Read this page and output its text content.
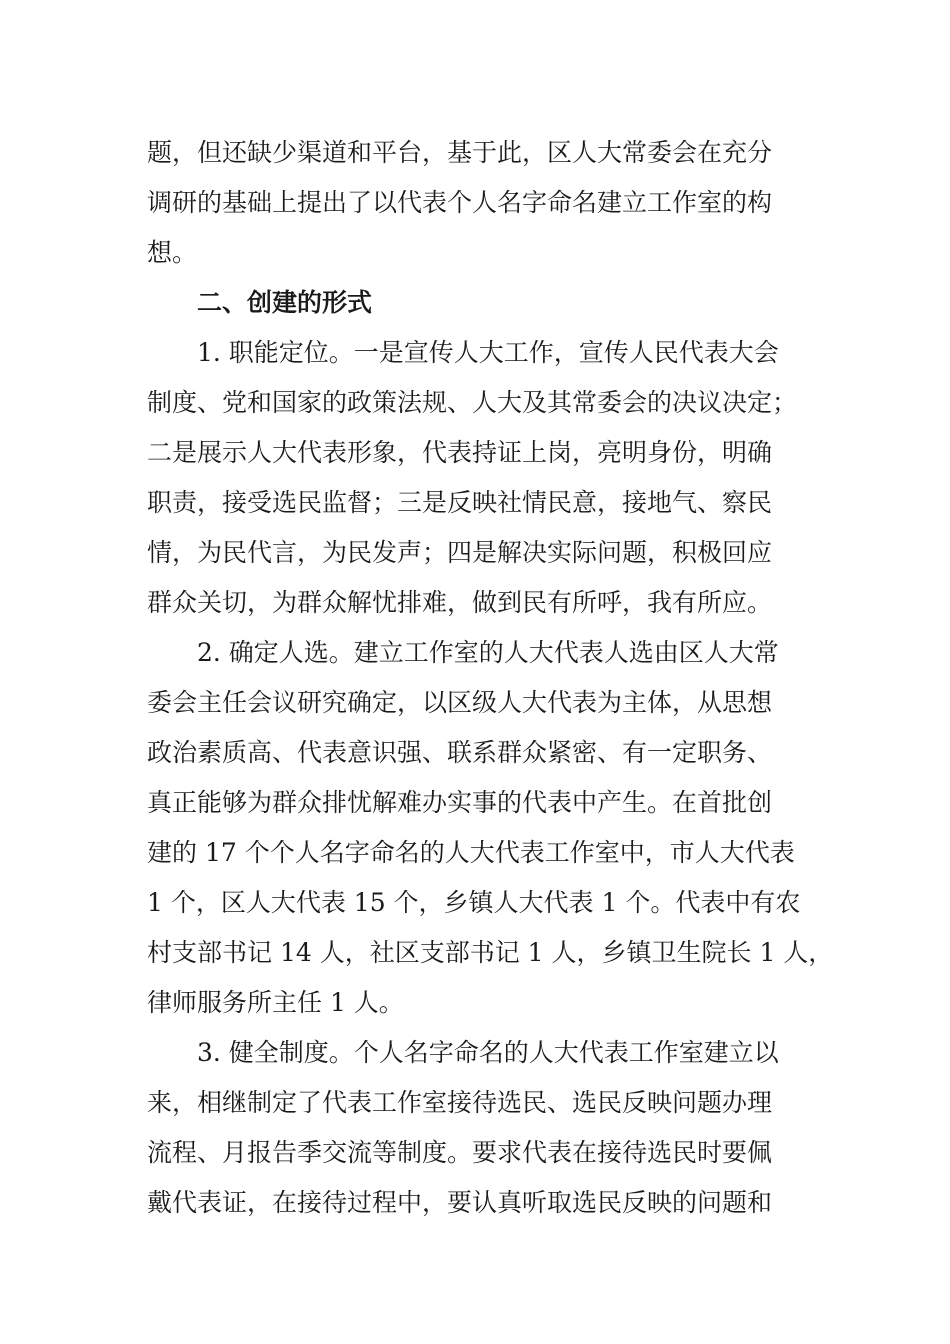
题，但还缺少渠道和平台，基于此，区人大常委会在充分
调研的基础上提出了以代表个人名字命名建立工作室的构
想。
二、创建的形式
1. 职能定位。一是宣传人大工作，宣传人民代表大会
制度、党和国家的政策法规、人大及其常委会的决议决定；
二是展示人大代表形象，代表持证上岗，亮明身份，明确
职责，接受选民监督；三是反映社情民意，接地气、察民
情，为民代言，为民发声；四是解决实际问题，积极回应
群众关切，为群众解忧排难，做到民有所呼，我有所应。
2. 确定人选。建立工作室的人大代表人选由区人大常
委会主任会议研究确定，以区级人大代表为主体，从思想
政治素质高、代表意识强、联系群众紧密、有一定职务、
真正能够为群众排忧解难办实事的代表中产生。在首批创
建的 17 个个人名字命名的人大代表工作室中，市人大代表
1 个，区人大代表 15 个，乡镇人大代表 1 个。代表中有农
村支部书记 14 人，社区支部书记 1 人，乡镇卫生院长 1 人，
律师服务所主任 1 人。
3. 健全制度。个人名字命名的人大代表工作室建立以
来，相继制定了代表工作室接待选民、选民反映问题办理
流程、月报告季交流等制度。要求代表在接待选民时要佩
戴代表证，在接待过程中，要认真听取选民反映的问题和
